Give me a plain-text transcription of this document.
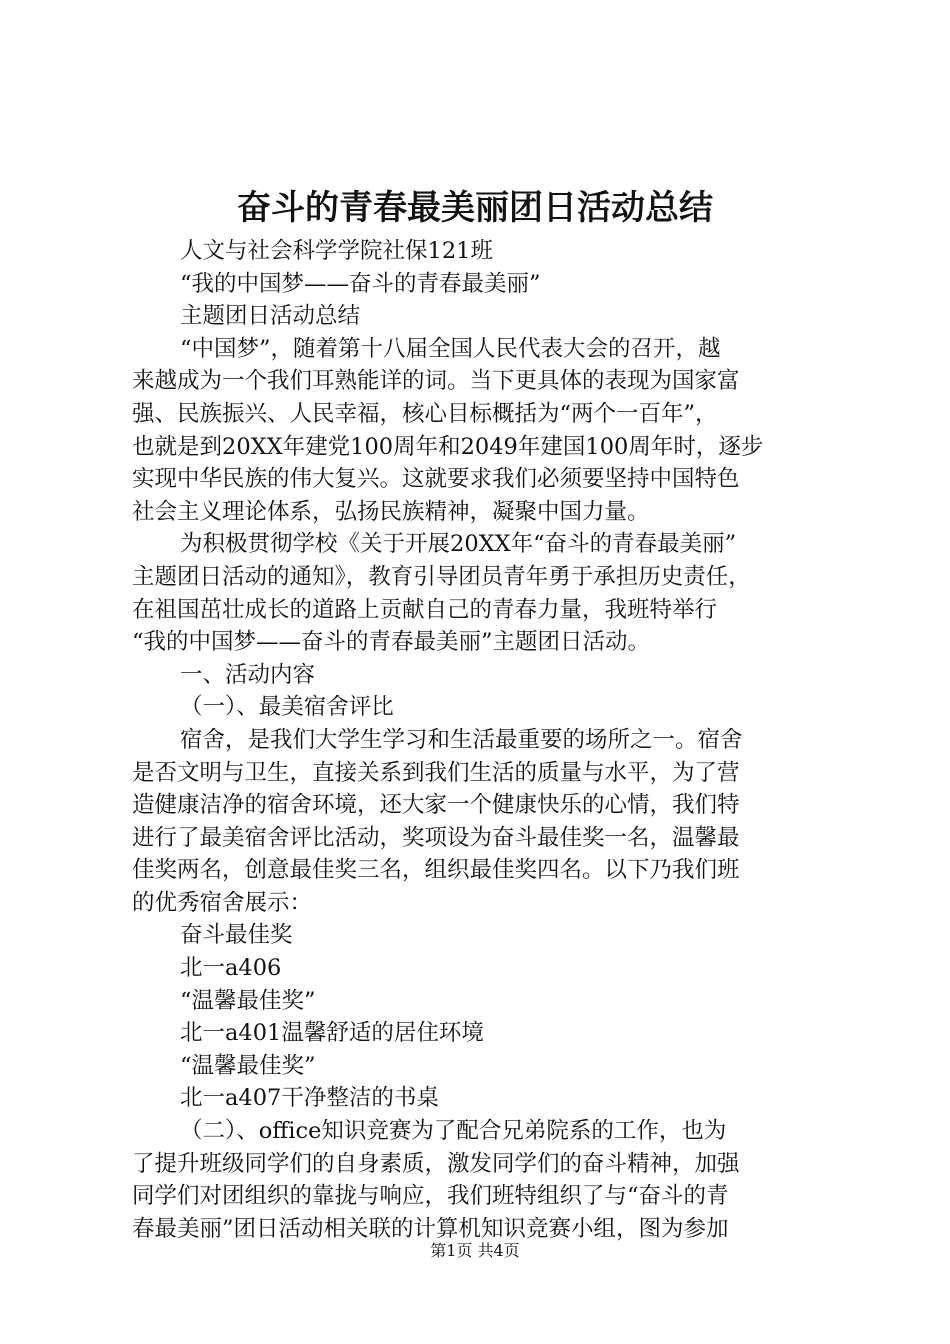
奋斗的青春最美丽团日活动总结
人文与社会科学学院社保121班
“我的中国梦——奋斗的青春最美丽”
主题团日活动总结
“中国梦”，随着第十八届全国人民代表大会的召开，越
来越成为一个我们耳熟能详的词。当下更具体的表现为国家富
强、民族振兴、人民幸福，核心目标概括为“两个一百年”，
也就是到20XX年建党100周年和2049年建国100周年时，逐步
实现中华民族的伟大复兴。这就要求我们必须要坚持中国特色
社会主义理论体系，弘扬民族精神，凝聚中国力量。
为积极贯彻学校《关于开展20XX年“奋斗的青春最美丽”
主题团日活动的通知》，教育引导团员青年勇于承担历史责任，
在祖国茁壮成长的道路上贡献自己的青春力量，我班特举行
“我的中国梦——奋斗的青春最美丽”主题团日活动。
一、活动内容
（一）、最美宿舍评比
宿舍，是我们大学生学习和生活最重要的场所之一。宿舍
是否文明与卫生，直接关系到我们生活的质量与水平，为了营
造健康洁净的宿舍环境，还大家一个健康快乐的心情，我们特
进行了最美宿舍评比活动，奖项设为奋斗最佳奖一名，温馨最
佳奖两名，创意最佳奖三名，组织最佳奖四名。以下乃我们班
的优秀宿舍展示：
奋斗最佳奖
北一a406
“温馨最佳奖”
北一a401温馨舒适的居住环境
“温馨最佳奖”
北一a407干净整洁的书桌
（二）、office知识竞赛为了配合兄弟院系的工作，也为
了提升班级同学们的自身素质，激发同学们的奋斗精神，加强
同学们对团组织的靠拢与响应，我们班特组织了与“奋斗的青
春最美丽”团日活动相关联的计算机知识竞赛小组，图为参加
第1页 共4页
